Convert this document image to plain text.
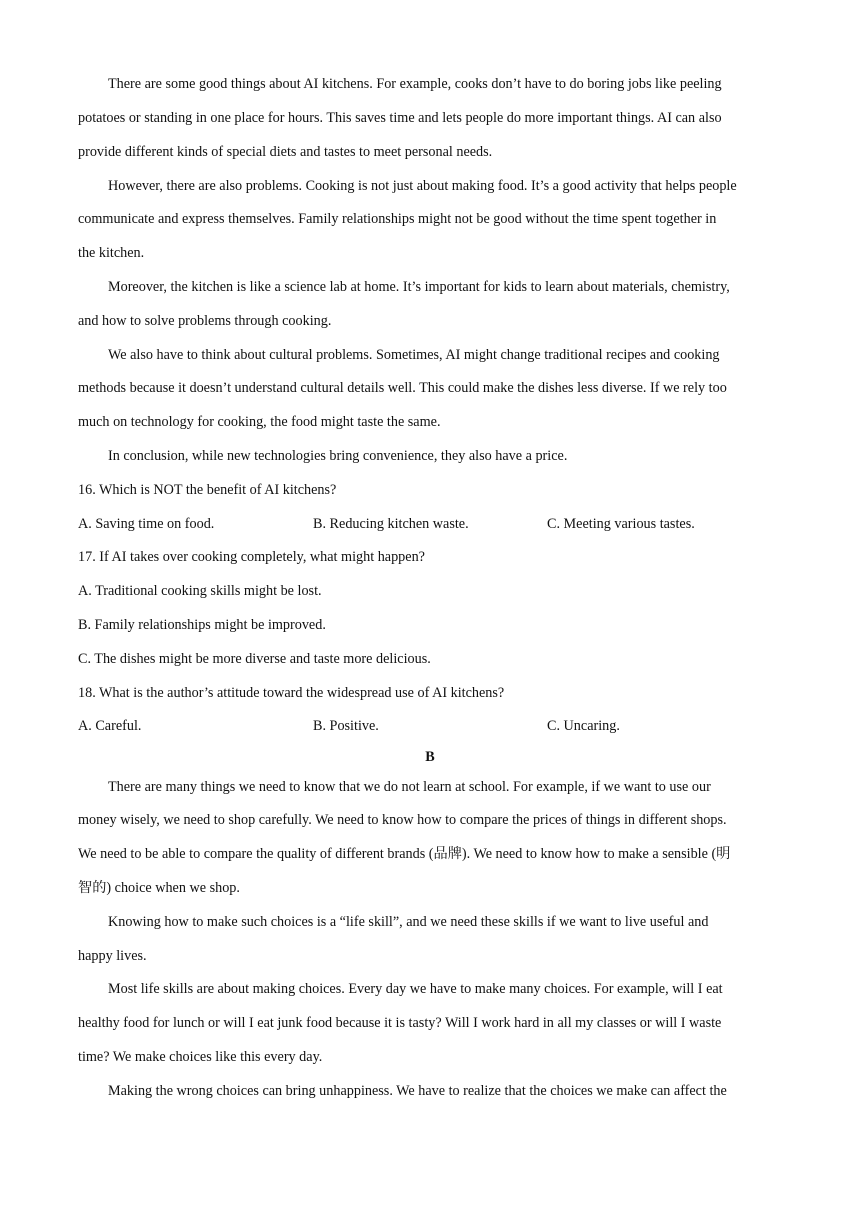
There are some good things about AI kitchens. For example, cooks don’t have to do boring jobs like peeling

potatoes or standing in one place for hours. This saves time and lets people do more important things. AI can also

provide different kinds of special diets and tastes to meet personal needs.

However, there are also problems. Cooking is not just about making food. It’s a good activity that helps people

communicate and express themselves. Family relationships might not be good without the time spent together in

the kitchen.

Moreover, the kitchen is like a science lab at home. It’s important for kids to learn about materials, chemistry,

and how to solve problems through cooking.

We also have to think about cultural problems. Sometimes, AI might change traditional recipes and cooking

methods because it doesn’t understand cultural details well. This could make the dishes less diverse. If we rely too

much on technology for cooking, the food might taste the same.

In conclusion, while new technologies bring convenience, they also have a price.

16. Which is NOT the benefit of AI kitchens?

A. Saving time on food.	B. Reducing kitchen waste.	C. Meeting various tastes.

17. If AI takes over cooking completely, what might happen?

A. Traditional cooking skills might be lost.

B. Family relationships might be improved.

C. The dishes might be more diverse and taste more delicious.

18. What is the author’s attitude toward the widespread use of AI kitchens?

A. Careful.	B. Positive.	C. Uncaring.

B

There are many things we need to know that we do not learn at school. For example, if we want to use our

money wisely, we need to shop carefully. We need to know how to compare the prices of things in different shops.

We need to be able to compare the quality of different brands (品牌). We need to know how to make a sensible (明

智的) choice when we shop.

Knowing how to make such choices is a “life skill”, and we need these skills if we want to live useful and

happy lives.

Most life skills are about making choices. Every day we have to make many choices. For example, will I eat

healthy food for lunch or will I eat junk food because it is tasty? Will I work hard in all my classes or will I waste

time? We make choices like this every day.

Making the wrong choices can bring unhappiness. We have to realize that the choices we make can affect the
